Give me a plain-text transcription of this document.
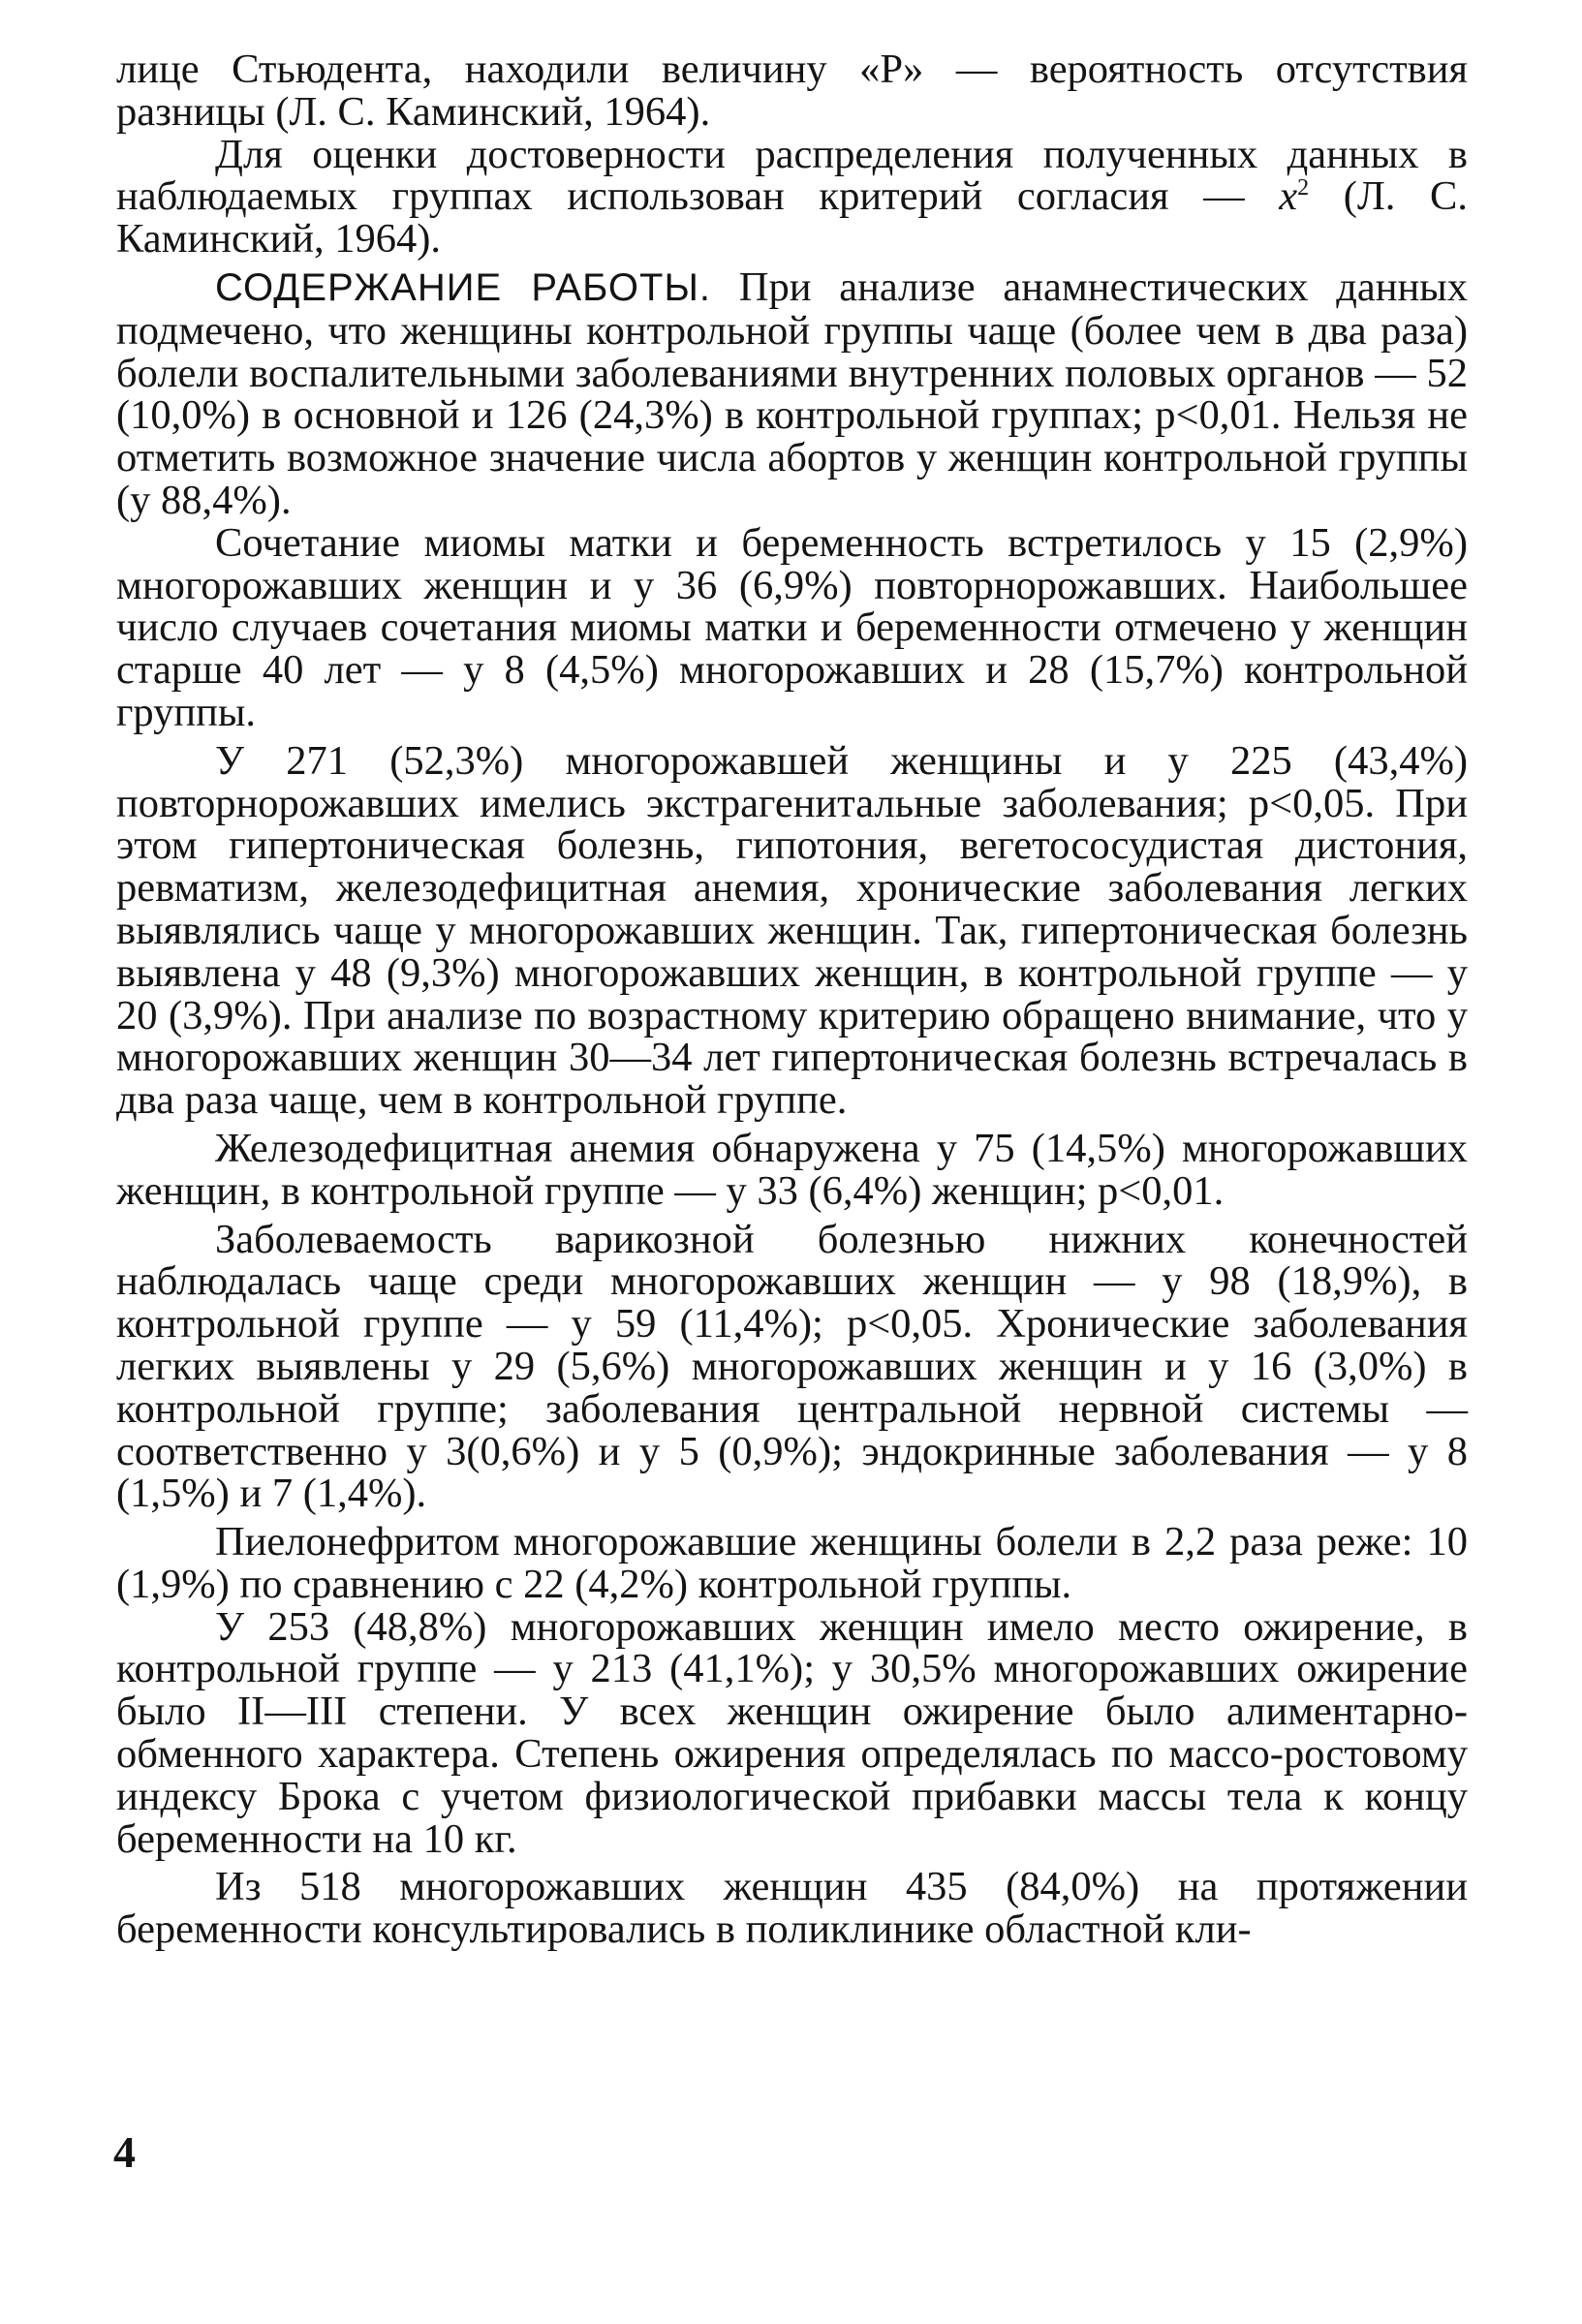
лице Стьюдента, находили величину «P» — вероятность отсутствия разницы (Л. С. Каминский, 1964).

Для оценки достоверности распределения полученных данных в наблюдаемых группах использован критерий согласия — $x^2$ (Л. С. Каминский, 1964).

СОДЕРЖАНИЕ РАБОТЫ. При анализе анамнестических данных подмечено, что женщины контрольной группы чаще (более чем в два раза) болели воспалительными заболеваниями внутренних половых органов — 52 (10,0%) в основной и 126 (24,3%) в контрольной группах; p<0,01. Нельзя не отметить возможное значение числа абортов у женщин контрольной группы (у 88,4%).

Сочетание миомы матки и беременность встретилось у 15 (2,9%) многорожавших женщин и у 36 (6,9%) повторнорожавших. Наибольшее число случаев сочетания миомы матки и беременности отмечено у женщин старше 40 лет — у 8 (4,5%) многорожавших и 28 (15,7%) контрольной группы.

У 271 (52,3%) многорожавшей женщины и у 225 (43,4%) повторнорожавших имелись экстрагенитальные заболевания; p<0,05. При этом гипертоническая болезнь, гипотония, вегетососудистая дистония, ревматизм, железодефицитная анемия, хронические заболевания легких выявлялись чаще у многорожавших женщин. Так, гипертоническая болезнь выявлена у 48 (9,3%) многорожавших женщин, в контрольной группе — у 20 (3,9%). При анализе по возрастному критерию обращено внимание, что у многорожавших женщин 30—34 лет гипертоническая болезнь встречалась в два раза чаще, чем в контрольной группе.

Железодефицитная анемия обнаружена у 75 (14,5%) многорожавших женщин, в контрольной группе — у 33 (6,4%) женщин; p<0,01.

Заболеваемость варикозной болезнью нижних конечностей наблюдалась чаще среди многорожавших женщин — у 98 (18,9%), в контрольной группе — у 59 (11,4%); p<0,05. Хронические заболевания легких выявлены у 29 (5,6%) многорожавших женщин и у 16 (3,0%) в контрольной группе; заболевания центральной нервной системы — соответственно у 3(0,6%) и у 5 (0,9%); эндокринные заболевания — у 8 (1,5%) и 7 (1,4%).

Пиелонефритом многорожавшие женщины болели в 2,2 раза реже: 10 (1,9%) по сравнению с 22 (4,2%) контрольной группы.

У 253 (48,8%) многорожавших женщин имело место ожирение, в контрольной группе — у 213 (41,1%); у 30,5% многорожавших ожирение было II—III степени. У всех женщин ожирение было алиментарно-обменного характера. Степень ожирения определялась по массо-ростовому индексу Брока с учетом физиологической прибавки массы тела к концу беременности на 10 кг.

Из 518 многорожавших женщин 435 (84,0%) на протяжении беременности консультировались в поликлинике областной кли-

4
